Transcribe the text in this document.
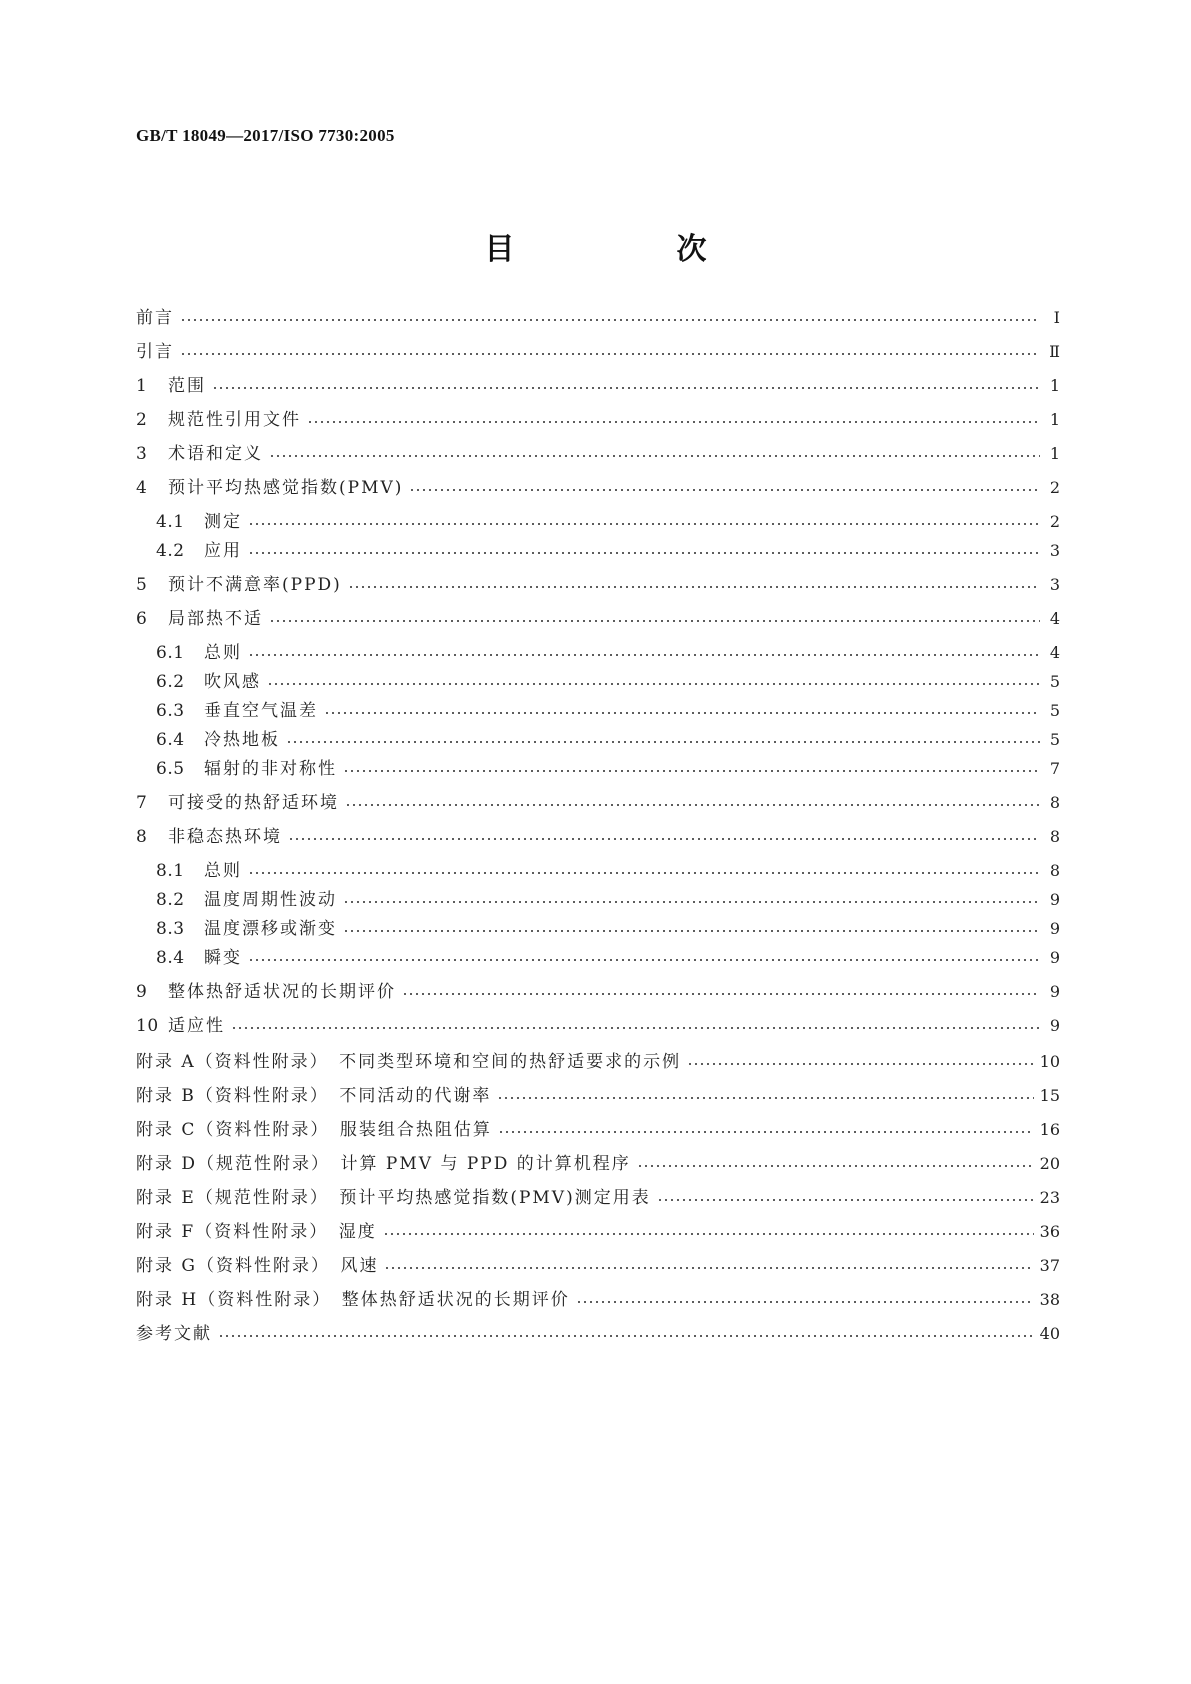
GB/T 18049—2017/ISO 7730:2005
目　次
前言	Ⅰ
引言	Ⅱ
1	范围	1
2	规范性引用文件	1
3	术语和定义	1
4	预计平均热感觉指数(PMV)	2
4.1	测定	2
4.2	应用	3
5	预计不满意率(PPD)	3
6	局部热不适	4
6.1	总则	4
6.2	吹风感	5
6.3	垂直空气温差	5
6.4	冷热地板	5
6.5	辐射的非对称性	7
7	可接受的热舒适环境	8
8	非稳态热环境	8
8.1	总则	8
8.2	温度周期性波动	9
8.3	温度漂移或渐变	9
8.4	瞬变	9
9	整体热舒适状况的长期评价	9
10 适应性	9
附录 A（资料性附录）　不同类型环境和空间的热舒适要求的示例	10
附录 B（资料性附录）　不同活动的代谢率	15
附录 C（资料性附录）　服装组合热阻估算	16
附录 D（规范性附录）　计算 PMV 与 PPD 的计算机程序	20
附录 E（规范性附录）　预计平均热感觉指数(PMV)测定用表	23
附录 F（资料性附录）　湿度	36
附录 G（资料性附录）　风速	37
附录 H（资料性附录）　整体热舒适状况的长期评价	38
参考文献	40
